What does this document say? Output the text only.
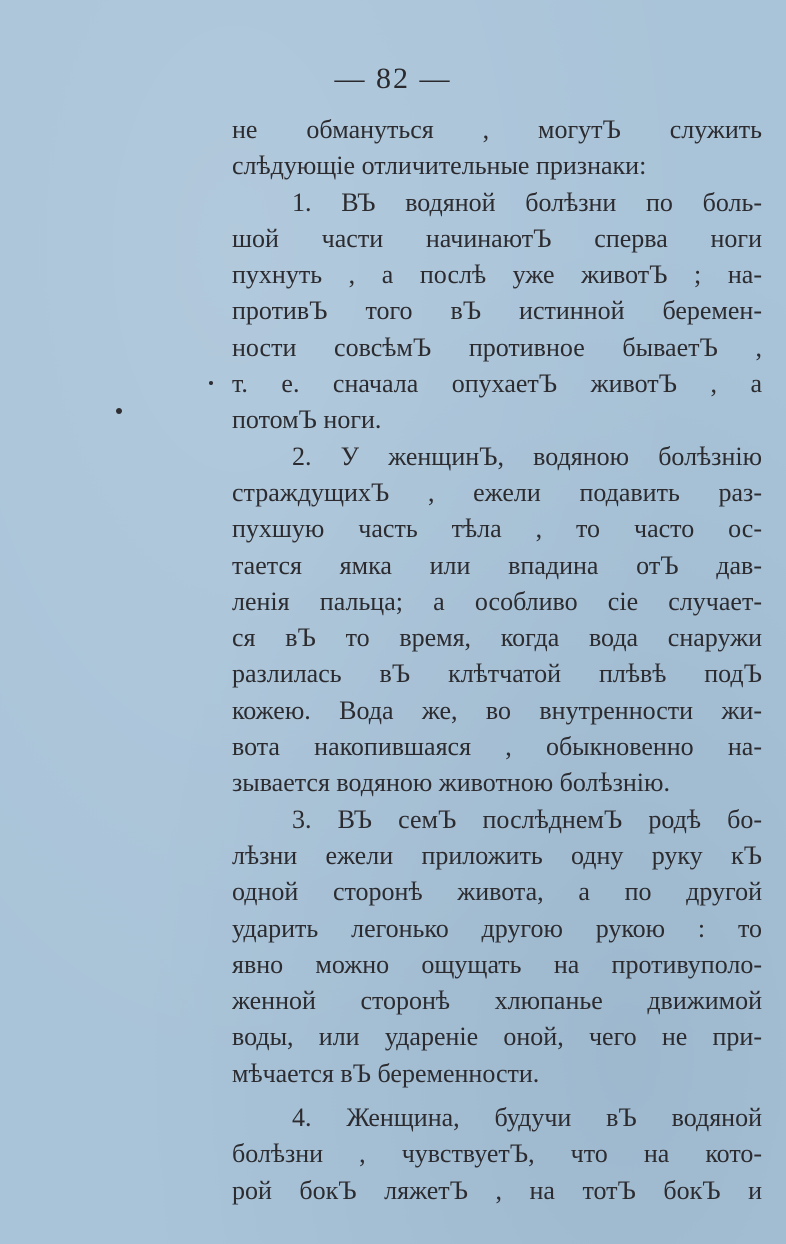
— 82 —
не обмануться , могутЪ служить
слѣдующіе отличительные признаки:
1. ВЪ водяной болѣзни по боль-
шой части начинаютЪ сперва ноги
пухнуть , а послѣ уже животЪ ; на-
противЪ того вЪ истинной беремен-
ности совсѣмЪ противное бываетЪ ,
т. е. сначала опухаетЪ животЪ , а
потомЪ ноги.
2. У женщинЪ, водяною болѣзнію
страждущихЪ , ежели подавить раз-
пухшую часть тѣла , то часто ос-
тается ямка или впадина отЪ дав-
ленія пальца; а особливо сіе случает-
ся вЪ то время, когда вода снаружи
разлилась вЪ клѣтчатой плѣвѣ подЪ
кожею. Вода же, во внутренности жи-
вота накопившаяся , обыкновенно на-
зывается водяною животною болѣзнію.
3. ВЪ семЪ послѣднемЪ родѣ бо-
лѣзни ежели приложить одну руку кЪ
одной сторонѣ живота, а по другой
ударить легонько другою рукою : то
явно можно ощущать на противуполо-
женной сторонѣ хлюпанье движимой
воды, или удареніе оной, чего не при-
мѣчается вЪ беременности.
4. Женщина, будучи вЪ водяной
болѣзни , чувствуетЪ, что на кото-
рой бокЪ ляжетЪ , на тотЪ бокЪ и
